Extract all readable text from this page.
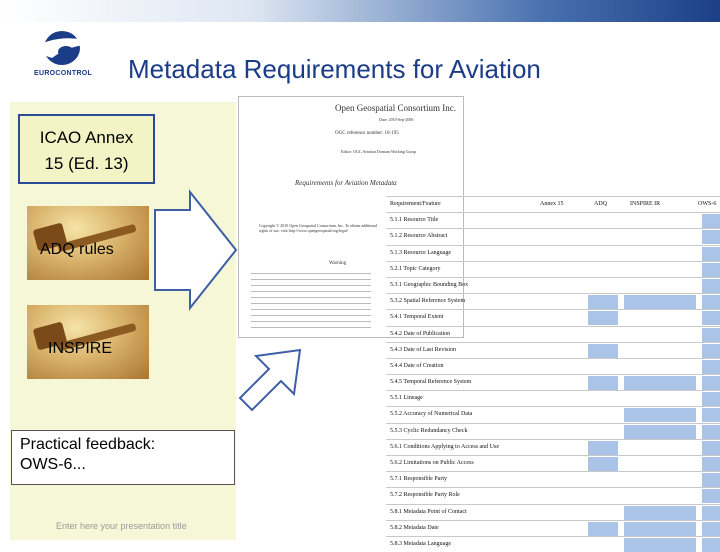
EUROCONTROL Metadata Requirements for Aviation
ICAO Annex
15 (Ed. 13)
ADQ rules
INSPIRE
Practical feedback:
OWS-6...
Enter here your presentation title
Open Geospatial Consortium Inc.
Date: 2010-Sep-2006
OGC reference number: 10-195
Editor: OGC Aviation Domain Working Group
Requirements for Aviation Metadata
Copyright © 2010 Open Geospatial Consortium, Inc. To obtain additional rights of use, visit http://www.opengeospatial.org/legal/
Warning
Requirement/Feature	Annex 15	ADQ	INSPIRE IR	OWS-6
5.1.1 Resource Title
5.1.2 Resource Abstract
5.1.3 Resource Language
5.2.1 Topic Category
5.3.1 Geographic Bounding Box
5.3.2 Spatial Reference System
5.4.1 Temporal Extent
5.4.2 Date of Publication
5.4.3 Date of Last Revision
5.4.4 Date of Creation
5.4.5 Temporal Reference System
5.5.1 Lineage
5.5.2 Accuracy of Numerical Data
5.5.3 Cyclic Redundancy Check
5.6.1 Conditions Applying to Access and Use
5.6.2 Limitations on Public Access
5.7.1 Responsible Party
5.7.2 Responsible Party Role
5.8.1 Metadata Point of Contact
5.8.2 Metadata Date
5.8.3 Metadata Language
